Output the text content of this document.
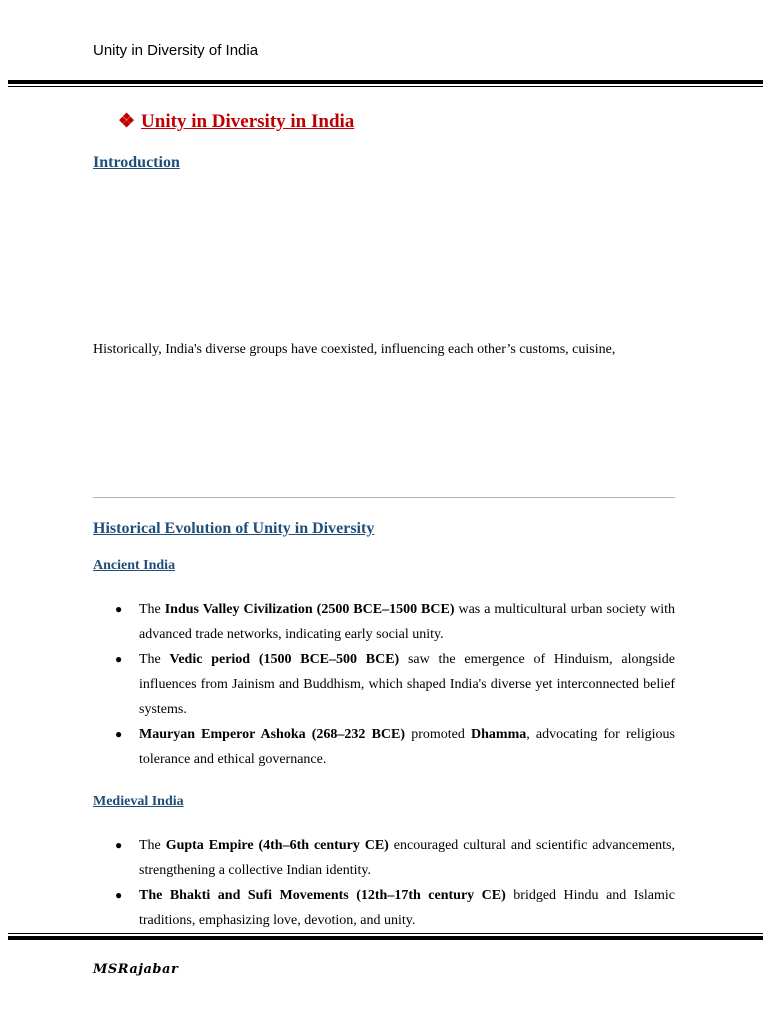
Unity in Diversity of India
❖ Unity in Diversity in India
Introduction
Historically, India's diverse groups have coexisted, influencing each other’s customs, cuisine,
Historical Evolution of Unity in Diversity
Ancient India
● The Indus Valley Civilization (2500 BCE–1500 BCE) was a multicultural urban society with advanced trade networks, indicating early social unity.
● The Vedic period (1500 BCE–500 BCE) saw the emergence of Hinduism, alongside influences from Jainism and Buddhism, which shaped India's diverse yet interconnected belief systems.
● Mauryan Emperor Ashoka (268–232 BCE) promoted Dhamma, advocating for religious tolerance and ethical governance.
Medieval India
● The Gupta Empire (4th–6th century CE) encouraged cultural and scientific advancements, strengthening a collective Indian identity.
● The Bhakti and Sufi Movements (12th–17th century CE) bridged Hindu and Islamic traditions, emphasizing love, devotion, and unity.
MSRajabar
